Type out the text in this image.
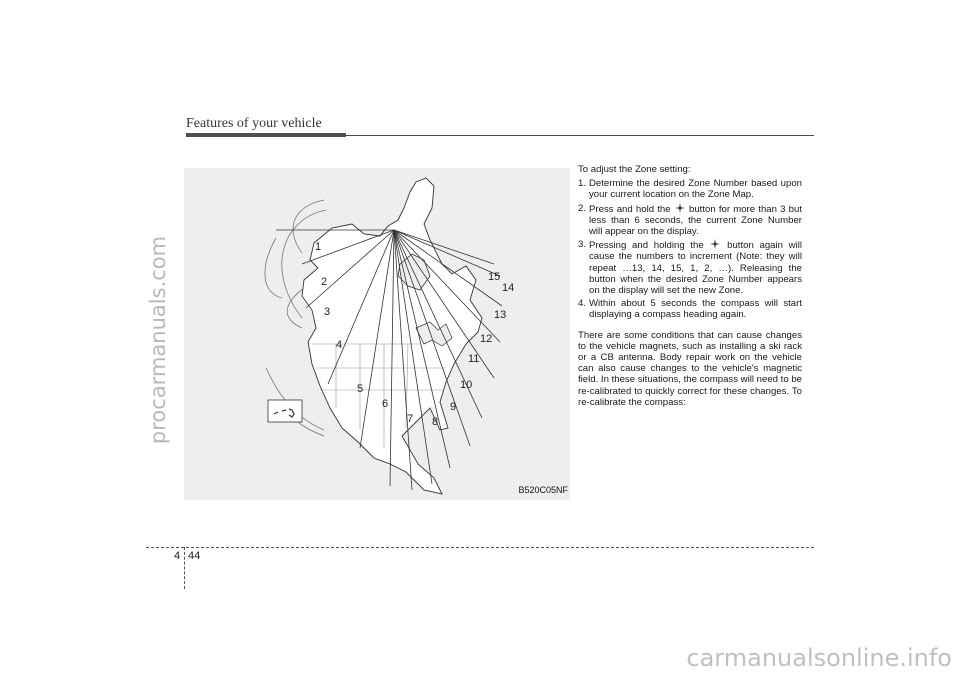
procarmanuals.com
carmanualsonline.info
Features of your vehicle
1
2
3
4
5
6
7 8
9
10
11
12
13
14
15
B520C05NF

To adjust the Zone setting:

1. Determine the desired Zone Number based upon your current location on the Zone Map.
2. Press and hold the button for more than 3 but less than 6 seconds, the current Zone Number will appear on the display.
3. Pressing and holding the button again will cause the numbers to increment (Note: they will repeat …13, 14, 15, 1, 2, …). Releasing the button when the desired Zone Number appears on the display will set the new Zone.
4. Within about 5 seconds the compass will start displaying a compass heading again.

There are some conditions that can cause changes to the vehicle magnets, such as installing a ski rack or a CB antenna. Body repair work on the vehicle can also cause changes to the vehicle's magnetic field. In these situations, the compass will need to be re-calibrated to quickly correct for these changes. To re-calibrate the compass:

4 44
